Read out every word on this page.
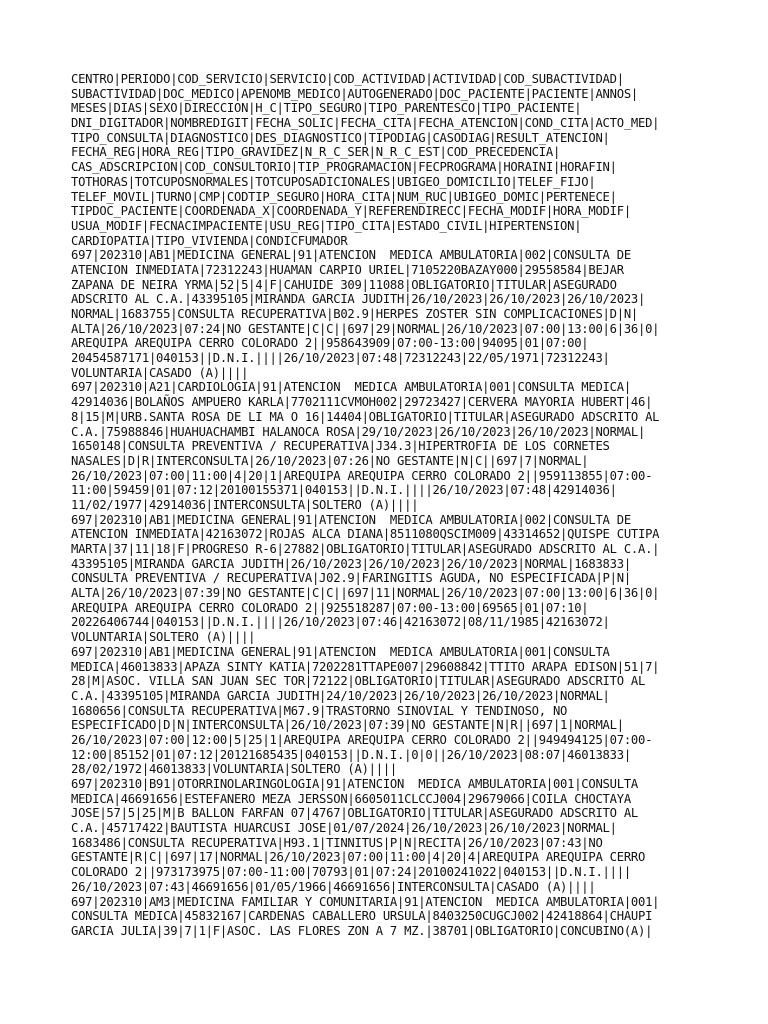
CENTRO|PERIODO|COD_SERVICIO|SERVICIO|COD_ACTIVIDAD|ACTIVIDAD|COD_SUBACTIVIDAD|
SUBACTIVIDAD|DOC_MEDICO|APENOMB_MEDICO|AUTOGENERADO|DOC_PACIENTE|PACIENTE|ANNOS|
MESES|DIAS|SEXO|DIRECCION|H_C|TIPO_SEGURO|TIPO_PARENTESCO|TIPO_PACIENTE|
DNI_DIGITADOR|NOMBREDIGIT|FECHA_SOLIC|FECHA_CITA|FECHA_ATENCION|COND_CITA|ACTO_MED|
TIPO_CONSULTA|DIAGNOSTICO|DES_DIAGNOSTICO|TIPODIAG|CASODIAG|RESULT_ATENCION|
FECHA_REG|HORA_REG|TIPO_GRAVIDEZ|N_R_C_SER|N_R_C_EST|COD_PRECEDENCIA|
CAS_ADSCRIPCION|COD_CONSULTORIO|TIP_PROGRAMACION|FECPROGRAMA|HORAINI|HORAFIN|
TOTHORAS|TOTCUPOSNORMALES|TOTCUPOSADICIONALES|UBIGEO_DOMICILIO|TELEF_FIJO|
TELEF_MOVIL|TURNO|CMP|CODTIP_SEGURO|HORA_CITA|NUM_RUC|UBIGEO_DOMIC|PERTENECE|
TIPDOC_PACIENTE|COORDENADA_X|COORDENADA_Y|REFERENDIRECC|FECHA_MODIF|HORA_MODIF|
USUA_MODIF|FECNACIMPACIENTE|USU_REG|TIPO_CITA|ESTADO_CIVIL|HIPERTENSION|
CARDIOPATIA|TIPO_VIVIENDA|CONDICFUMADOR
697|202310|AB1|MEDICINA GENERAL|91|ATENCION  MEDICA AMBULATORIA|002|CONSULTA DE
ATENCION INMEDIATA|72312243|HUAMAN CARPIO URIEL|7105220BAZAY000|29558584|BEJAR
ZAPANA DE NEIRA YRMA|52|5|4|F|CAHUIDE 309|11088|OBLIGATORIO|TITULAR|ASEGURADO
ADSCRITO AL C.A.|43395105|MIRANDA GARCIA JUDITH|26/10/2023|26/10/2023|26/10/2023|
NORMAL|1683755|CONSULTA RECUPERATIVA|B02.9|HERPES ZOSTER SIN COMPLICACIONES|D|N|
ALTA|26/10/2023|07:24|NO GESTANTE|C|C||697|29|NORMAL|26/10/2023|07:00|13:00|6|36|0|
AREQUIPA AREQUIPA CERRO COLORADO 2||958643909|07:00-13:00|94095|01|07:00|
20454587171|040153||D.N.I.||||26/10/2023|07:48|72312243|22/05/1971|72312243|
VOLUNTARIA|CASADO (A)||||
697|202310|A21|CARDIOLOGIA|91|ATENCION  MEDICA AMBULATORIA|001|CONSULTA MEDICA|
42914036|BOLAÑOS AMPUERO KARLA|7702111CVMOH002|29723427|CERVERA MAYORIA HUBERT|46|
8|15|M|URB.SANTA ROSA DE LI MA O 16|14404|OBLIGATORIO|TITULAR|ASEGURADO ADSCRITO AL
C.A.|75988846|HUAHUACHAMBI HALANOCA ROSA|29/10/2023|26/10/2023|26/10/2023|NORMAL|
1650148|CONSULTA PREVENTIVA / RECUPERATIVA|J34.3|HIPERTROFIA DE LOS CORNETES
NASALES|D|R|INTERCONSULTA|26/10/2023|07:26|NO GESTANTE|N|C||697|7|NORMAL|
26/10/2023|07:00|11:00|4|20|1|AREQUIPA AREQUIPA CERRO COLORADO 2||959113855|07:00-
11:00|59459|01|07:12|20100155371|040153||D.N.I.||||26/10/2023|07:48|42914036|
11/02/1977|42914036|INTERCONSULTA|SOLTERO (A)||||
697|202310|AB1|MEDICINA GENERAL|91|ATENCION  MEDICA AMBULATORIA|002|CONSULTA DE
ATENCION INMEDIATA|42163072|ROJAS ALCA DIANA|8511080QSCIM009|43314652|QUISPE CUTIPA
MARTA|37|11|18|F|PROGRESO R-6|27882|OBLIGATORIO|TITULAR|ASEGURADO ADSCRITO AL C.A.|
43395105|MIRANDA GARCIA JUDITH|26/10/2023|26/10/2023|26/10/2023|NORMAL|1683833|
CONSULTA PREVENTIVA / RECUPERATIVA|J02.9|FARINGITIS AGUDA, NO ESPECIFICADA|P|N|
ALTA|26/10/2023|07:39|NO GESTANTE|C|C||697|11|NORMAL|26/10/2023|07:00|13:00|6|36|0|
AREQUIPA AREQUIPA CERRO COLORADO 2||925518287|07:00-13:00|69565|01|07:10|
20226406744|040153||D.N.I.||||26/10/2023|07:46|42163072|08/11/1985|42163072|
VOLUNTARIA|SOLTERO (A)||||
697|202310|AB1|MEDICINA GENERAL|91|ATENCION  MEDICA AMBULATORIA|001|CONSULTA
MEDICA|46013833|APAZA SINTY KATIA|7202281TTAPE007|29608842|TTITO ARAPA EDISON|51|7|
28|M|ASOC. VILLA SAN JUAN SEC TOR|72122|OBLIGATORIO|TITULAR|ASEGURADO ADSCRITO AL
C.A.|43395105|MIRANDA GARCIA JUDITH|24/10/2023|26/10/2023|26/10/2023|NORMAL|
1680656|CONSULTA RECUPERATIVA|M67.9|TRASTORNO SINOVIAL Y TENDINOSO, NO
ESPECIFICADO|D|N|INTERCONSULTA|26/10/2023|07:39|NO GESTANTE|N|R||697|1|NORMAL|
26/10/2023|07:00|12:00|5|25|1|AREQUIPA AREQUIPA CERRO COLORADO 2||949494125|07:00-
12:00|85152|01|07:12|20121685435|040153||D.N.I.|0|0||26/10/2023|08:07|46013833|
28/02/1972|46013833|VOLUNTARIA|SOLTERO (A)||||
697|202310|B91|OTORRINOLARINGOLOGIA|91|ATENCION  MEDICA AMBULATORIA|001|CONSULTA
MEDICA|46691656|ESTEFANERO MEZA JERSSON|6605011CLCCJ004|29679066|COILA CHOCTAYA
JOSE|57|5|25|M|B BALLON FARFAN 07|4767|OBLIGATORIO|TITULAR|ASEGURADO ADSCRITO AL
C.A.|45717422|BAUTISTA HUARCUSI JOSE|01/07/2024|26/10/2023|26/10/2023|NORMAL|
1683486|CONSULTA RECUPERATIVA|H93.1|TINNITUS|P|N|RECITA|26/10/2023|07:43|NO
GESTANTE|R|C||697|17|NORMAL|26/10/2023|07:00|11:00|4|20|4|AREQUIPA AREQUIPA CERRO
COLORADO 2||973173975|07:00-11:00|70793|01|07:24|20100241022|040153||D.N.I.||||
26/10/2023|07:43|46691656|01/05/1966|46691656|INTERCONSULTA|CASADO (A)||||
697|202310|AM3|MEDICINA FAMILIAR Y COMUNITARIA|91|ATENCION  MEDICA AMBULATORIA|001|
CONSULTA MEDICA|45832167|CARDENAS CABALLERO URSULA|8403250CUGCJ002|42418864|CHAUPI
GARCIA JULIA|39|7|1|F|ASOC. LAS FLORES ZON A 7 MZ.|38701|OBLIGATORIO|CONCUBINO(A)|
